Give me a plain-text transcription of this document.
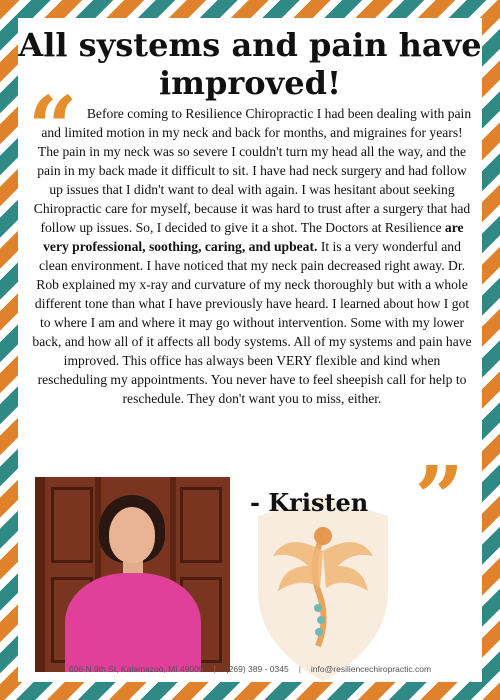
All systems and pain have improved!
“ Before coming to Resilience Chiropractic I had been dealing with pain and limited motion in my neck and back for months, and migraines for years! The pain in my neck was so severe I couldn't turn my head all the way, and the pain in my back made it difficult to sit. I have had neck surgery and had follow up issues that I didn't want to deal with again. I was hesitant about seeking Chiropractic care for myself, because it was hard to trust after a surgery that had follow up issues. So, I decided to give it a shot. The Doctors at Resilience are very professional, soothing, caring, and upbeat. It is a very wonderful and clean environment. I have noticed that my neck pain decreased right away. Dr. Rob explained my x-ray and curvature of my neck thoroughly but with a whole different tone than what I have previously have heard. I learned about how I got to where I am and where it may go without intervention. Some with my lower back, and how all of it affects all body systems. All of my systems and pain have improved. This office has always been VERY flexible and kind when rescheduling my appointments. You never have to feel sheepish call for help to reschedule. They don't want you to miss, either.

- Kristen ”
606 N 9th St, Kalamazoo, MI 49009 | (269) 389 - 0345 | info@resiliencechiropractic.com
